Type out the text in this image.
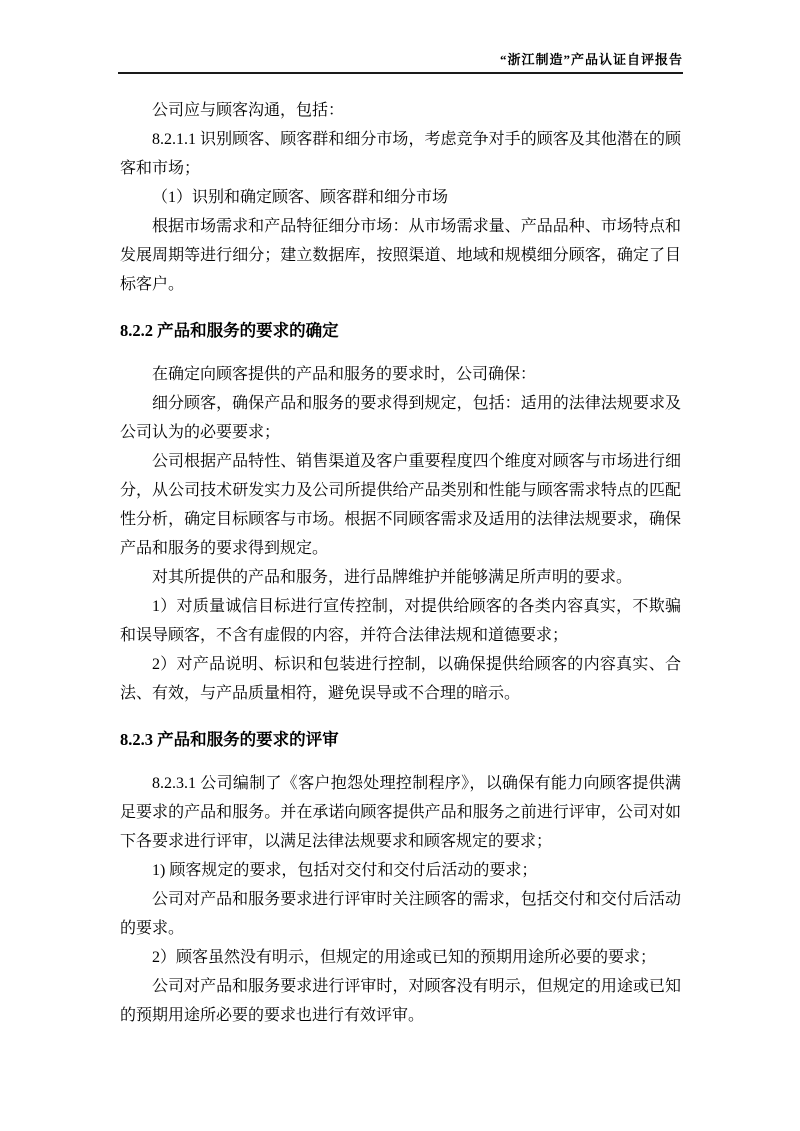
“浙江制造”产品认证自评报告

公司应与顾客沟通，包括：

8.2.1.1 识别顾客、顾客群和细分市场，考虑竞争对手的顾客及其他潜在的顾客和市场；

（1）识别和确定顾客、顾客群和细分市场

根据市场需求和产品特征细分市场：从市场需求量、产品品种、市场特点和发展周期等进行细分；建立数据库，按照渠道、地域和规模细分顾客，确定了目标客户。

8.2.2 产品和服务的要求的确定

在确定向顾客提供的产品和服务的要求时，公司确保：

细分顾客，确保产品和服务的要求得到规定，包括：适用的法律法规要求及公司认为的必要要求；

公司根据产品特性、销售渠道及客户重要程度四个维度对顾客与市场进行细分，从公司技术研发实力及公司所提供给产品类别和性能与顾客需求特点的匹配性分析，确定目标顾客与市场。根据不同顾客需求及适用的法律法规要求，确保产品和服务的要求得到规定。

对其所提供的产品和服务，进行品牌维护并能够满足所声明的要求。

1）对质量诚信目标进行宣传控制，对提供给顾客的各类内容真实，不欺骗和误导顾客，不含有虚假的内容，并符合法律法规和道德要求；

2）对产品说明、标识和包装进行控制，以确保提供给顾客的内容真实、合法、有效，与产品质量相符，避免误导或不合理的暗示。

8.2.3 产品和服务的要求的评审

8.2.3.1 公司编制了《客户抱怨处理控制程序》，以确保有能力向顾客提供满足要求的产品和服务。并在承诺向顾客提供产品和服务之前进行评审，公司对如下各要求进行评审，以满足法律法规要求和顾客规定的要求；

1) 顾客规定的要求，包括对交付和交付后活动的要求；

公司对产品和服务要求进行评审时关注顾客的需求，包括交付和交付后活动的要求。

2）顾客虽然没有明示，但规定的用途或已知的预期用途所必要的要求；

公司对产品和服务要求进行评审时，对顾客没有明示，但规定的用途或已知的预期用途所必要的要求也进行有效评审。
